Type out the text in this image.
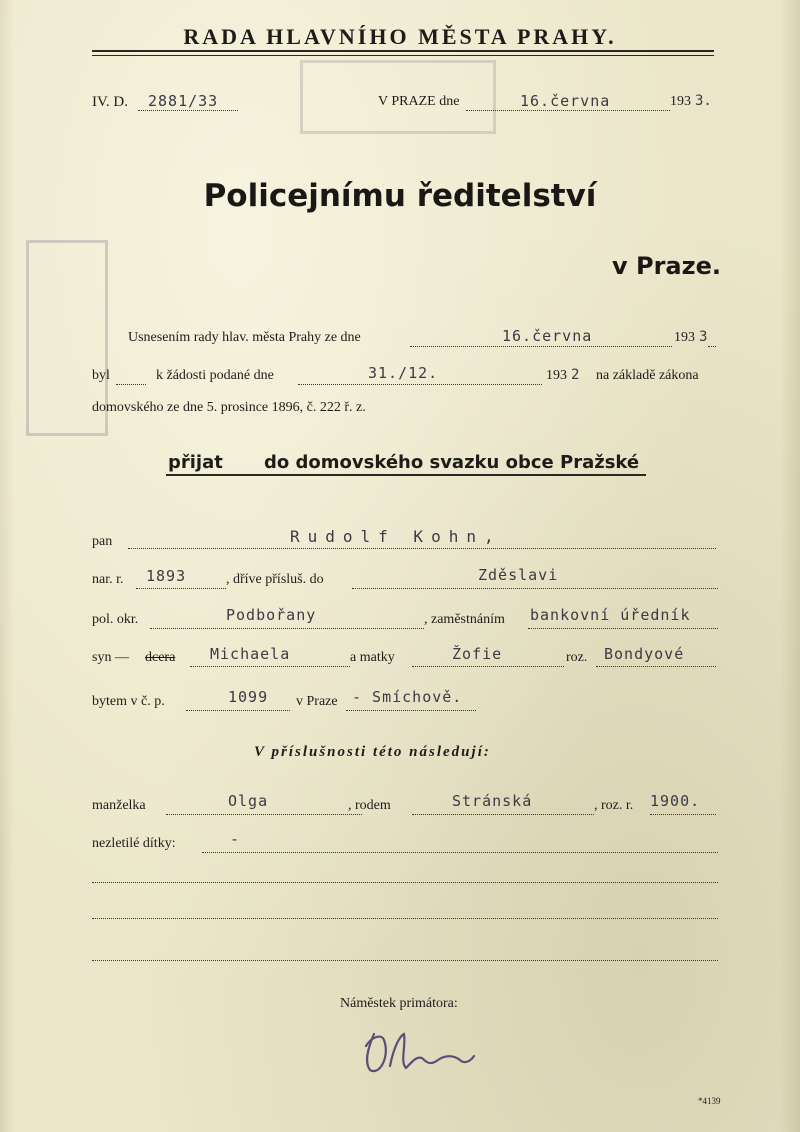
RADA HLAVNÍHO MĚSTA PRAHY.
IV. D. 2881/33	V PRAZE dne	16.června	193 3.
Policejnímu ředitelství
v Praze.
Usnesením rady hlav. města Prahy ze dne	16.června	193 3
byl	k žádosti podané dne	31./12.	193 2 na základě zákona
domovského ze dne 5. prosince 1896, č. 222 ř. z.
přijat do domovského svazku obce Pražské
pan	Rudolf Kohn,
nar. r. 1893	, dříve přísluš. do	Zděslavi
pol. okr.	Podbořany	, zaměstnáním bankovní úředník
syn — dcera Michaela	a matky	Žofie	roz. Bondyové
bytem v č. p.	1099 v Praze - Smíchově.
V příslušnosti této následují:
manželka	Olga	, rodem	Stránská	, roz. r. 1900.
nezletilé dítky:	-
Náměstek primátora:
*4139
